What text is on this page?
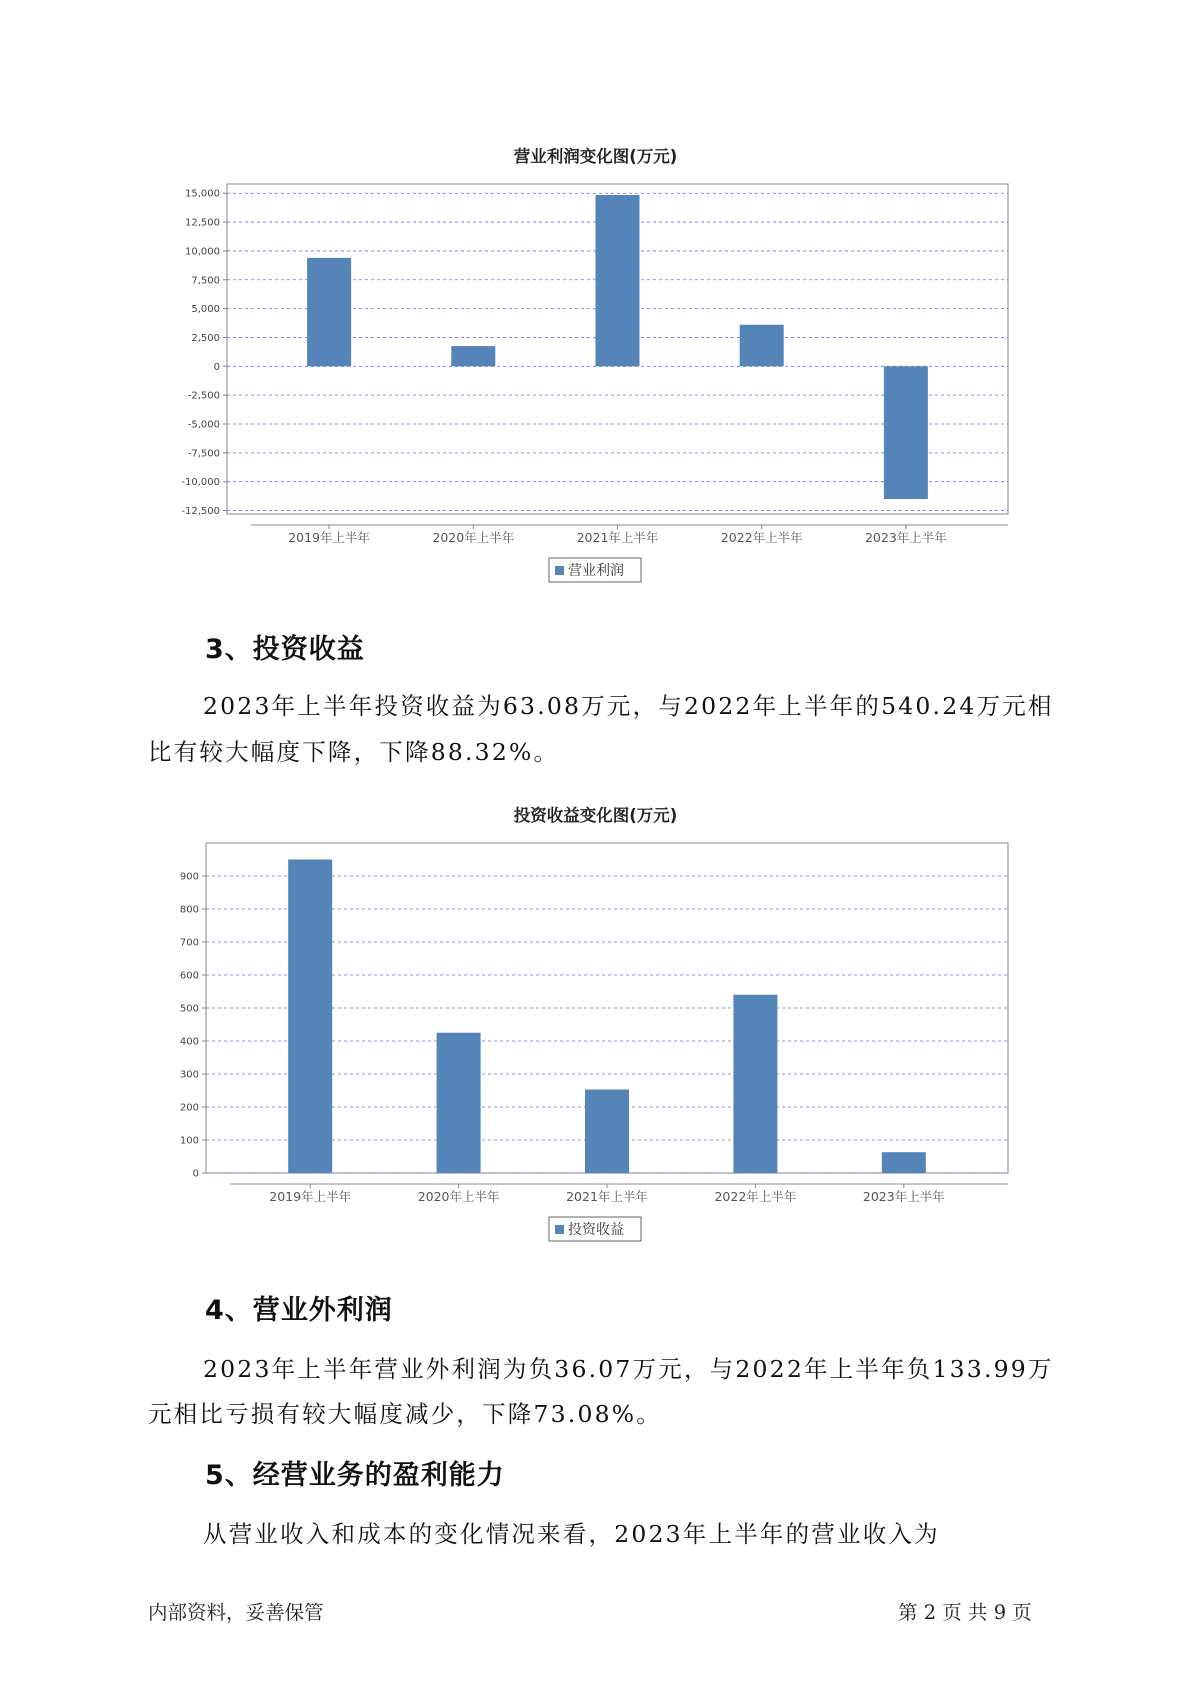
营业利润变化图(万元)
15,000
12,500
10,000
7,500
5,000
2,500
0
-2,500
-5,000
-7,500
-10,000
-12,500
2019年上半年	2020年上半年	2021年上半年	2022年上半年	2023年上半年
营业利润
3、投资收益
2023年上半年投资收益为63.08万元，与2022年上半年的540.24万元相
比有较大幅度下降，下降88.32%。
投资收益变化图(万元)
900
800
700
600
500
400
300
200
100
0
2019年上半年	2020年上半年	2021年上半年	2022年上半年	2023年上半年
投资收益
4、营业外利润
2023年上半年营业外利润为负36.07万元，与2022年上半年负133.99万
元相比亏损有较大幅度减少，下降73.08%。
5、经营业务的盈利能力
从营业收入和成本的变化情况来看，2023年上半年的营业收入为
内部资料，妥善保管	第 2 页 共 9 页
